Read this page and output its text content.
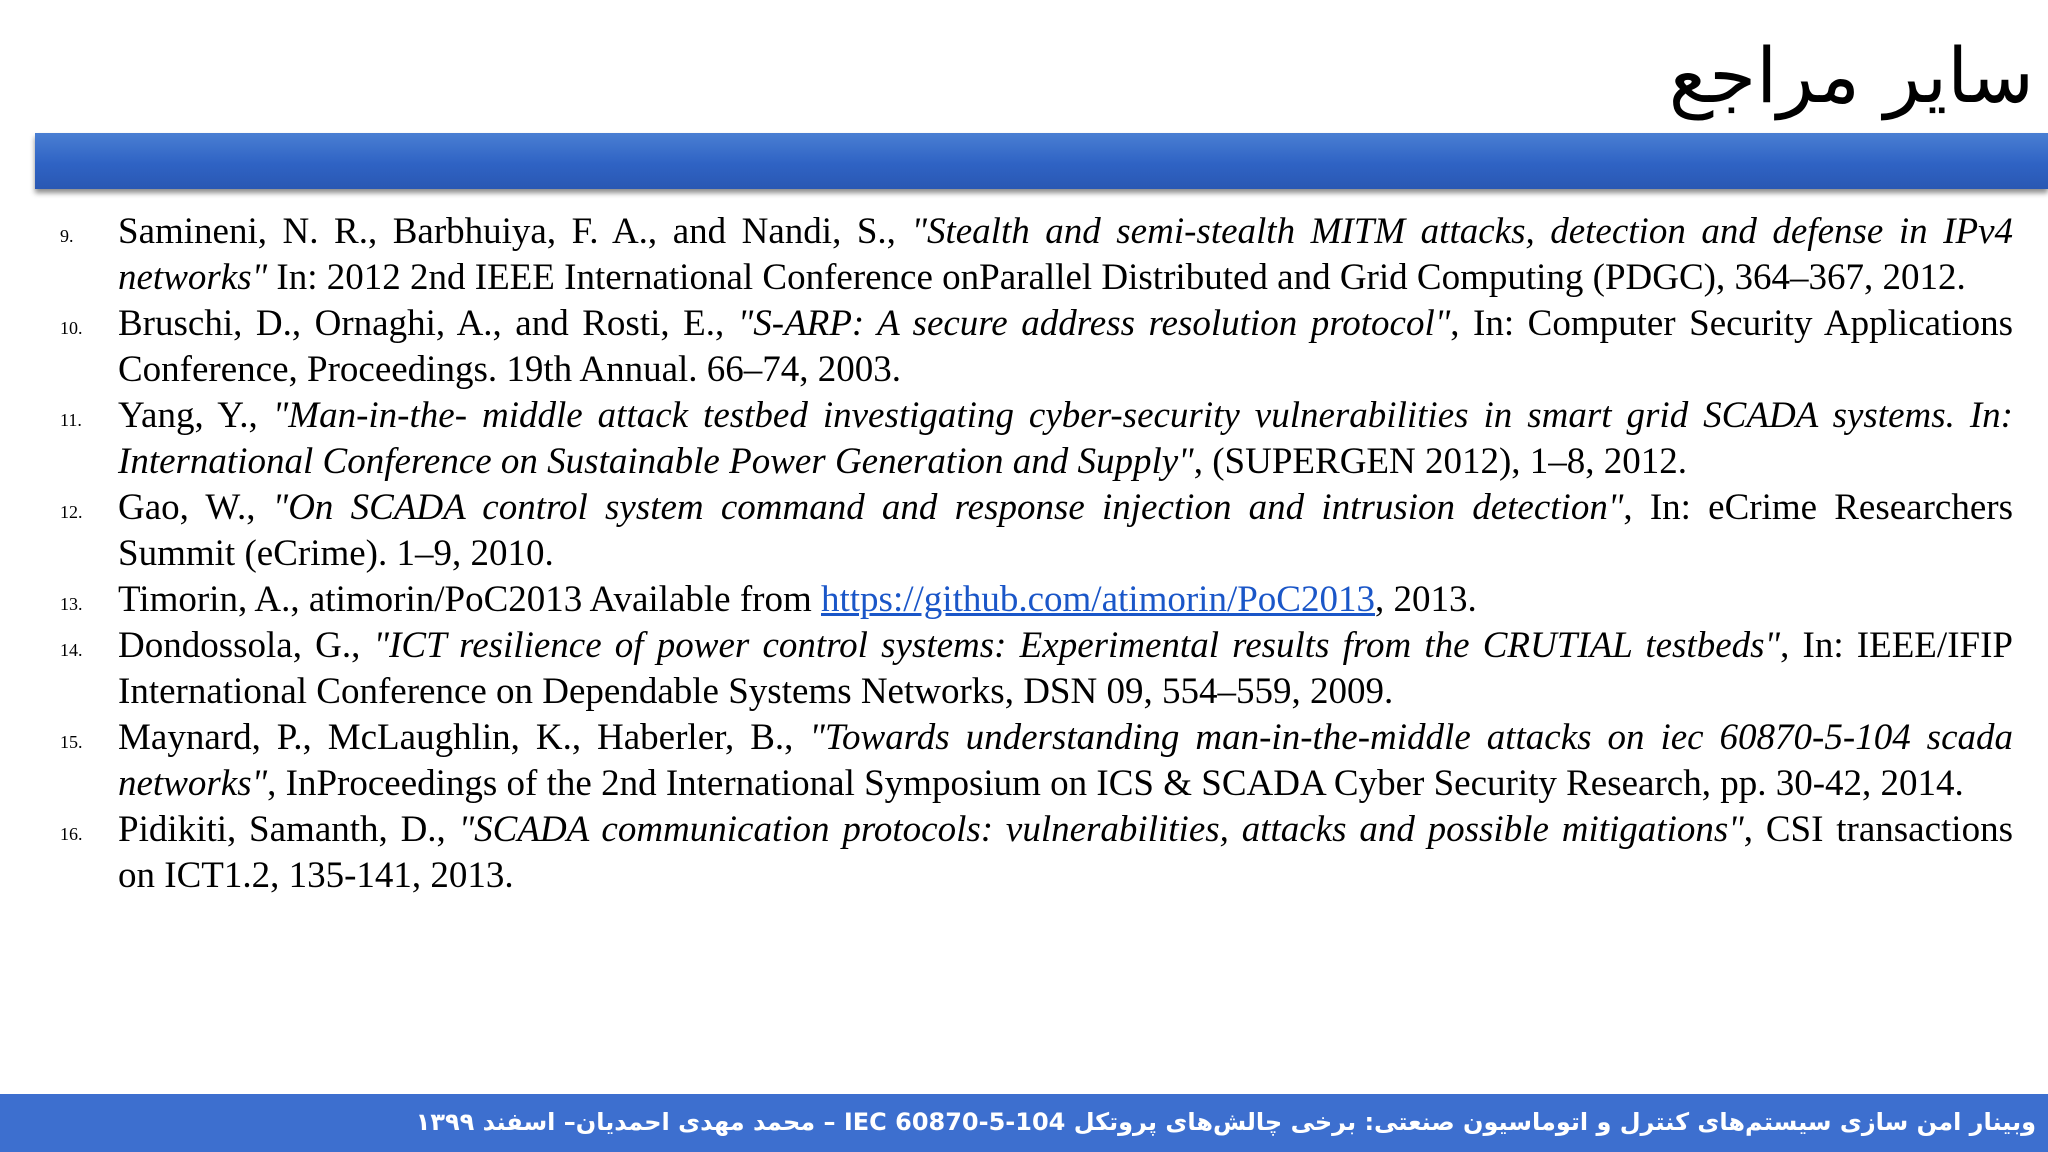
سایر مراجع
9. Samineni, N. R., Barbhuiya, F. A., and Nandi, S., "Stealth and semi-stealth MITM attacks, detection and defense in IPv4 networks" In: 2012 2nd IEEE International Conference onParallel Distributed and Grid Computing (PDGC), 364–367, 2012.
10. Bruschi, D., Ornaghi, A., and Rosti, E., "S-ARP: A secure address resolution protocol", In: Computer Security Applications Conference, Proceedings. 19th Annual. 66–74, 2003.
11. Yang, Y., "Man-in-the- middle attack testbed investigating cyber-security vulnerabilities in smart grid SCADA systems. In: International Conference on Sustainable Power Generation and Supply", (SUPERGEN 2012), 1–8, 2012.
12. Gao, W., "On SCADA control system command and response injection and intrusion detection", In: eCrime Researchers Summit (eCrime). 1–9, 2010.
13. Timorin, A., atimorin/PoC2013 Available from https://github.com/atimorin/PoC2013, 2013.
14. Dondossola, G., "ICT resilience of power control systems: Experimental results from the CRUTIAL testbeds", In: IEEE/IFIP International Conference on Dependable Systems Networks, DSN 09, 554–559, 2009.
15. Maynard, P., McLaughlin, K., Haberler, B., "Towards understanding man-in-the-middle attacks on iec 60870-5-104 scada networks", InProceedings of the 2nd International Symposium on ICS & SCADA Cyber Security Research, pp. 30-42, 2014.
16. Pidikiti, Samanth, D., "SCADA communication protocols: vulnerabilities, attacks and possible mitigations", CSI transactions on ICT1.2, 135-141, 2013.
وبینار امن سازی سیستم‌های کنترل و اتوماسیون صنعتی: برخی چالش‌های پروتکل IEC 60870-5-104 – محمد مهدی احمدیان– اسفند ۱۳۹۹
